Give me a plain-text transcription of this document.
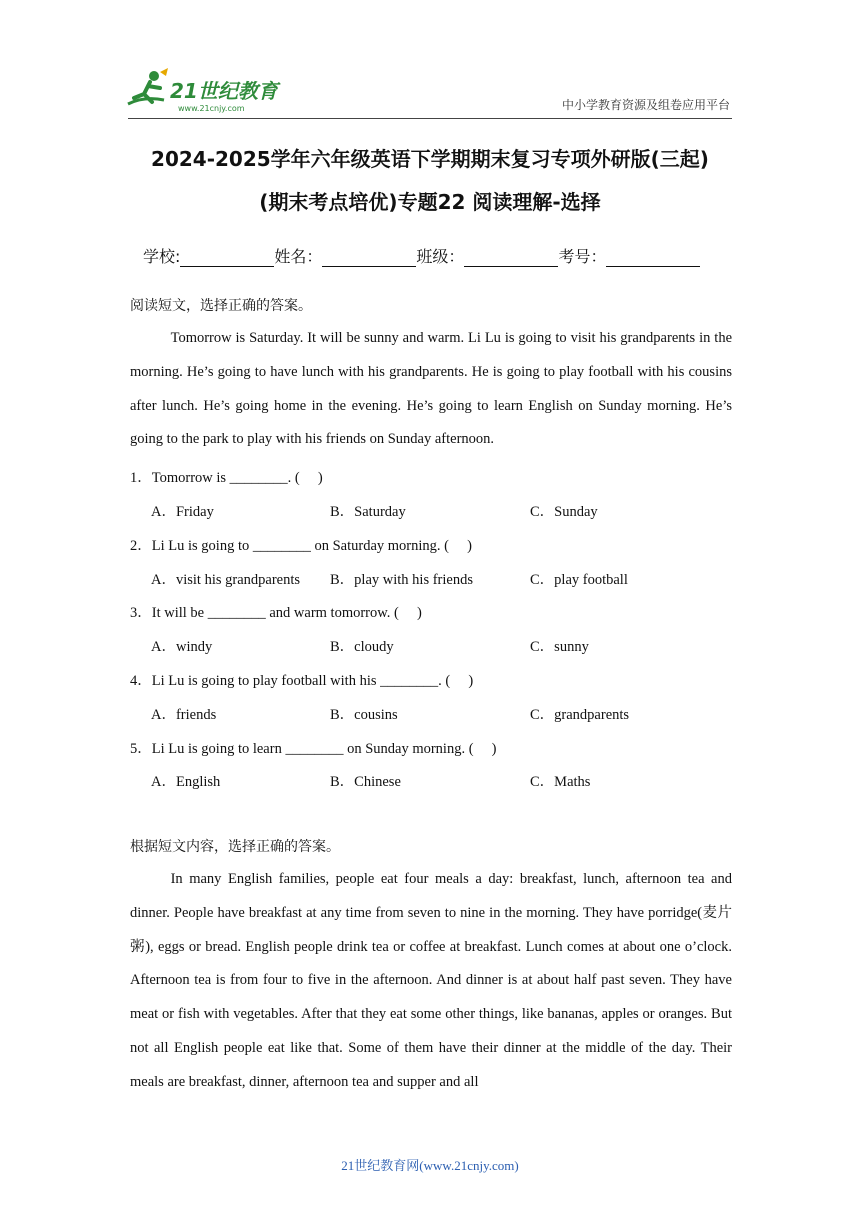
21世纪教育
www.21cnjy.com	中小学教育资源及组卷应用平台
2024-2025学年六年级英语下学期期末复习专项外研版(三起)
(期末考点培优)专题22 阅读理解-选择
学校:	姓名：	班级：	考号：
阅读短文，选择正确的答案。
Tomorrow is Saturday. It will be sunny and warm. Li Lu is going to visit his grandparents in the morning. He’s going to have lunch with his grandparents. He is going to play football with his cousins after lunch. He’s going home in the evening. He’s going to learn English on Sunday morning. He’s going to the park to play with his friends on Sunday afternoon.
1．Tomorrow is ________. (     )
A．Friday	B．Saturday	C．Sunday
2．Li Lu is going to ________ on Saturday morning. (     )
A．visit his grandparents B．play with his friends	C．play football
3．It will be ________ and warm tomorrow. (     )
A．windy	B．cloudy	C．sunny
4．Li Lu is going to play football with his ________. (     )
A．friends	B．cousins	C．grandparents
5．Li Lu is going to learn ________ on Sunday morning. (     )
A．English	B．Chinese	C．Maths
根据短文内容，选择正确的答案。
In many English families, people eat four meals a day: breakfast, lunch, afternoon tea and dinner. People have breakfast at any time from seven to nine in the morning. They have porridge(麦片粥), eggs or bread. English people drink tea or coffee at breakfast. Lunch comes at about one o’clock. Afternoon tea is from four to five in the afternoon. And dinner is at about half past seven. They have meat or fish with vegetables. After that they eat some other things, like bananas, apples or oranges. But not all English people eat like that. Some of them have their dinner at the middle of the day. Their meals are breakfast, dinner, afternoon tea and supper and all
21世纪教育网(www.21cnjy.com)
